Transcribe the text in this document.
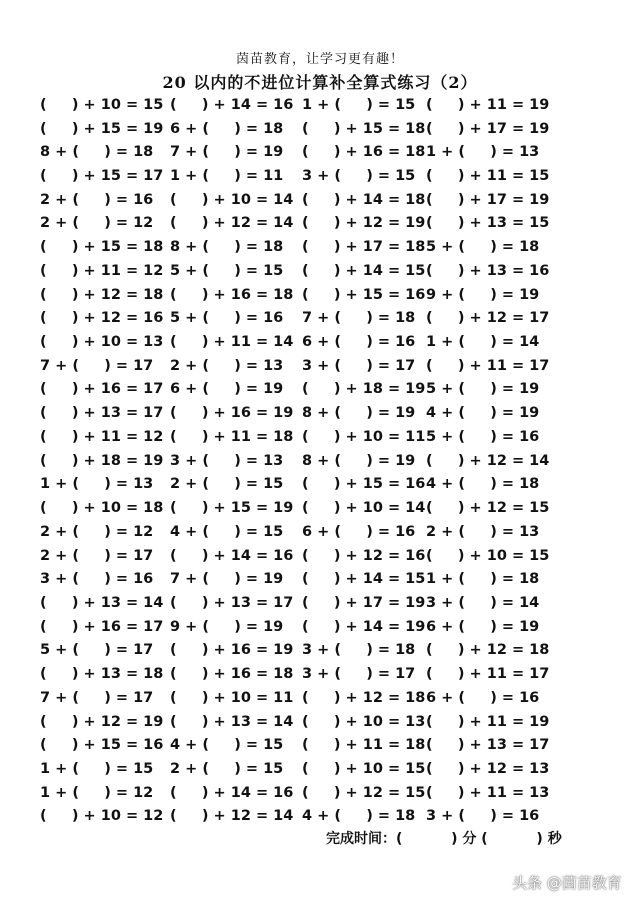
茵苗教育，让学习更有趣！
20 以内的不进位计算补全算式练习（2）
(     ) + 10 = 15 (     ) + 14 = 16 1 + (     ) = 15 (     ) + 11 = 19
(     ) + 15 = 19 6 + (     ) = 18	(     ) + 15 = 18 (     ) + 17 = 19
8 + (     ) = 18	7 + (     ) = 19	(     ) + 16 = 18 1 + (     ) = 13
(     ) + 15 = 17 1 + (     ) = 11	3 + (     ) = 15 (     ) + 11 = 15
2 + (     ) = 16	(     ) + 10 = 14 (     ) + 14 = 18 (     ) + 17 = 19
2 + (     ) = 12	(     ) + 12 = 14 (     ) + 12 = 19 (     ) + 13 = 15
(     ) + 15 = 18 8 + (     ) = 18	(     ) + 17 = 18 5 + (     ) = 18
(     ) + 11 = 12 5 + (     ) = 15	(     ) + 14 = 15 (     ) + 13 = 16
(     ) + 12 = 18 (     ) + 16 = 18 (     ) + 15 = 16 9 + (     ) = 19
(     ) + 12 = 16 5 + (     ) = 16	7 + (     ) = 18 (     ) + 12 = 17
(     ) + 10 = 13 (     ) + 11 = 14 6 + (     ) = 16 1 + (     ) = 14
7 + (     ) = 17	2 + (     ) = 13	3 + (     ) = 17 (     ) + 11 = 17
(     ) + 16 = 17 6 + (     ) = 19	(     ) + 18 = 19 5 + (     ) = 19
(     ) + 13 = 17 (     ) + 16 = 19 8 + (     ) = 19 4 + (     ) = 19
(     ) + 11 = 12 (     ) + 11 = 18 (     ) + 10 = 11 5 + (     ) = 16
(     ) + 18 = 19 3 + (     ) = 13	8 + (     ) = 19 (     ) + 12 = 14
1 + (     ) = 13	2 + (     ) = 15	(     ) + 15 = 16 4 + (     ) = 18
(     ) + 10 = 18 (     ) + 15 = 19 (     ) + 10 = 14 (     ) + 12 = 15
2 + (     ) = 12	4 + (     ) = 15	6 + (     ) = 16 2 + (     ) = 13
2 + (     ) = 17	(     ) + 14 = 16 (     ) + 12 = 16 (     ) + 10 = 15
3 + (     ) = 16	7 + (     ) = 19	(     ) + 14 = 15 1 + (     ) = 18
(     ) + 13 = 14 (     ) + 13 = 17 (     ) + 17 = 19 3 + (     ) = 14
(     ) + 16 = 17 9 + (     ) = 19	(     ) + 14 = 19 6 + (     ) = 19
5 + (     ) = 17	(     ) + 16 = 19 3 + (     ) = 18 (     ) + 12 = 18
(     ) + 13 = 18 (     ) + 16 = 18 3 + (     ) = 17 (     ) + 11 = 17
7 + (     ) = 17	(     ) + 10 = 11 (     ) + 12 = 18 6 + (     ) = 16
(     ) + 12 = 19 (     ) + 13 = 14 (     ) + 10 = 13 (     ) + 11 = 19
(     ) + 15 = 16 4 + (     ) = 15	(     ) + 11 = 18 (     ) + 13 = 17
1 + (     ) = 15	2 + (     ) = 15	(     ) + 10 = 15 (     ) + 12 = 13
1 + (     ) = 12	(     ) + 14 = 16 (     ) + 12 = 15 (     ) + 11 = 13
(     ) + 10 = 12 (     ) + 12 = 14 4 + (     ) = 18 3 + (     ) = 16
完成时间：(          ) 分 (          ) 秒
头条 @茵苗教育
